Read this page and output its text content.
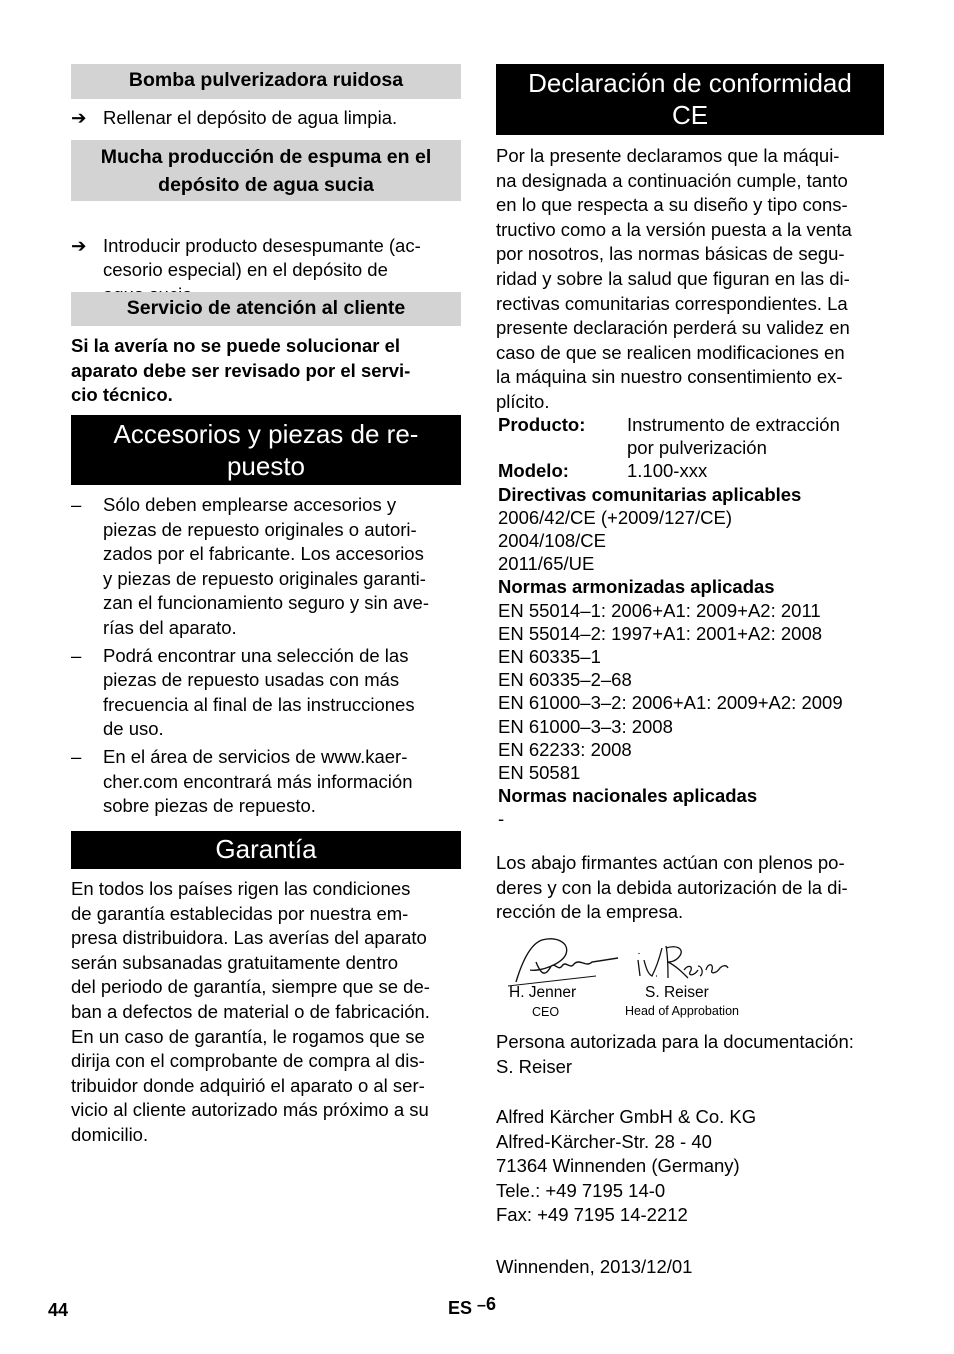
Bomba pulverizadora ruidosa
➔ Rellenar el depósito de agua limpia.
Mucha producción de espuma en el depósito de agua sucia
➔ Introducir producto desespumante (ac-
cesorio especial) en el depósito de
Servicio de atención al cliente
Si la avería no se puede solucionar el
aparato debe ser revisado por el servi-
cio técnico.
Accesorios y piezas de re-
puesto
– Sólo deben emplearse accesorios y
piezas de repuesto originales o autori-
zados por el fabricante. Los accesorios
y piezas de repuesto originales garanti-
zan el funcionamiento seguro y sin ave-
rías del aparato.
– Podrá encontrar una selección de las
piezas de repuesto usadas con más
frecuencia al final de las instrucciones
de uso.
– En el área de servicios de www.kaer-
cher.com encontrará más información
sobre piezas de repuesto.
Garantía
En todos los países rigen las condiciones
de garantía establecidas por nuestra em-
presa distribuidora. Las averías del aparato
serán subsanadas gratuitamente dentro
del periodo de garantía, siempre que se de-
ban a defectos de material o de fabricación.
En un caso de garantía, le rogamos que se
dirija con el comprobante de compra al dis-
tribuidor donde adquirió el aparato o al ser-
vicio al cliente autorizado más próximo a su
domicilio.
Declaración de conformidad
CE
Por la presente declaramos que la máqui-
na designada a continuación cumple, tanto
en lo que respecta a su diseño y tipo cons-
tructivo como a la versión puesta a la venta
por nosotros, las normas básicas de segu-
ridad y sobre la salud que figuran en las di-
rectivas comunitarias correspondientes. La
presente declaración perderá su validez en
caso de que se realicen modificaciones en
la máquina sin nuestro consentimiento ex-
plícito.
Producto:	Instrumento de extracción
por pulverización
Modelo:	1.100-xxx
Directivas comunitarias aplicables
2006/42/CE (+2009/127/CE)
2004/108/CE
2011/65/UE
Normas armonizadas aplicadas
EN 55014–1: 2006+A1: 2009+A2: 2011
EN 55014–2: 1997+A1: 2001+A2: 2008
EN 60335–1
EN 60335–2–68
EN 61000–3–2: 2006+A1: 2009+A2: 2009
EN 61000–3–3: 2008
EN 62233: 2008
EN 50581
Normas nacionales aplicadas
-
Los abajo firmantes actúan con plenos po-
deres y con la debida autorización de la di-
rección de la empresa.
H. Jenner
CEO
S. Reiser
Head of Approbation
Persona autorizada para la documentación:
S. Reiser
Alfred Kärcher GmbH & Co. KG
Alfred-Kärcher-Str. 28 - 40
71364 Winnenden (Germany)
Tele.: +49 7195 14-0
Fax: +49 7195 14-2212
Winnenden, 2013/12/01
44	ES –6
